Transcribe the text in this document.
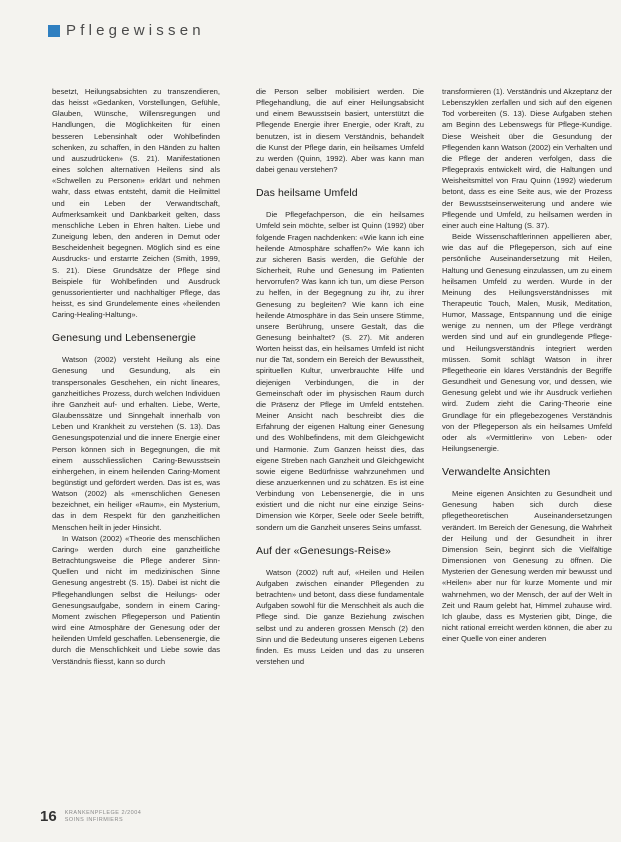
Pflegewissen

besetzt, Heilungsabsichten zu transzendieren, das heisst «Gedanken, Vorstellungen, Gefühle, Glauben, Wünsche, Willensregungen und Handlungen, die Möglichkeiten für einen besseren Lebensinhalt oder Wohlbefinden schenken, zu schaffen, in den Händen zu halten und auszudrücken» (S. 21). Manifestationen eines solchen alternativen Heilens sind als «Schwellen zu Personen» erklärt und nehmen wahr, dass etwas entsteht, damit die Heilmittel und ein Leben der Verwandtschaft, Aufmerksamkeit und Dankbarkeit gelten, dass menschliche Leben in Ehren halten. Liebe und Zuneigung leben, den anderen in Demut oder Bescheidenheit begegnen. Möglich sind es eine Ausdrucks- und erstarrte Zeichen (Smith, 1999, S. 21). Diese Grundsätze der Pflege sind Beispiele für Wohlbefinden und Ausdruck genussorientierter und nachhaltiger Pflege, das heisst, es sind Grundelemente eines «heilenden Caring-Healing-Haltung».

Genesung und Lebensenergie

Watson (2002) versteht Heilung als eine Genesung und Gesundung, als ein transpersonales Geschehen, ein nicht lineares, ganzheitliches Prozess, durch welchen Individuen ihre Ganzheit auf- und erhalten. Liebe, Werte, Glaubenssätze und Sinngehalt innerhalb von Leben und Krankheit zu verstehen (S. 13). Das Genesungspotenzial und die innere Energie einer Person können sich in Begegnungen, die mit einem ausschliesslichen Caring-Bewusstsein einhergehen, in einem heilenden Caring-Moment begünstigt und gefördert werden. Das ist es, was Watson (2002) als «menschlichen Genesen bezeichnet, ein heiliger «Raum», ein Mysterium, das in dem Respekt für den ganzheitlichen Menschen heilt in jeder Hinsicht.

In Watson (2002) «Theorie des menschlichen Caring» werden durch eine ganzheitliche Betrachtungsweise die Pflege anderer Sinn-Quellen und nicht im medizinischen Sinne Genesung angestrebt (S. 15). Dabei ist nicht die Pflegehandlungen selbst die Heilungs- oder Genesungsaufgabe, sondern in einem Caring-Moment zwischen Pflegeperson und Patientin wird eine Atmosphäre der Genesung oder der heilenden Umfeld geschaffen. Lebensenergie, die durch die Menschlichkeit und Liebe sowie das Verständnis fliesst, kann so durch

die Person selber mobilisiert werden. Die Pflegehandlung, die auf einer Heilungsabsicht und einem Bewusstsein basiert, unterstützt die Pflegende Energie ihrer Energie, oder Kraft, zu benutzen, ist in diesem Verständnis, behandelt die Kunst der Pflege darin, ein heilsames Umfeld zu werden (Quinn, 1992). Aber was kann man dabei genau verstehen?

Das heilsame Umfeld

Die Pflegefachperson, die ein heilsames Umfeld sein möchte, selber ist Quinn (1992) über folgende Fragen nachdenken: «Wie kann ich eine heilende Atmosphäre schaffen?» Wie kann ich zur sicheren Basis werden, die Gefühle der Sicherheit, Ruhe und Genesung im Patienten hervorrufen? Was kann ich tun, um diese Person zu helfen, in der Begegnung zu ihr, zu ihrer Genesung zu begleiten? Wie kann ich eine heilende Atmosphäre in das Sein unsere Stimme, unsere Berührung, unsere Gestalt, das die Genesung beinhaltet? (S. 27). Mit anderen Worten heisst das, ein heilsames Umfeld ist nicht nur die Tat, sondern ein Bereich der Bewusstheit, spirituellen Kultur, unverbrauchte Hilfe und diejenigen Verbindungen, die in der Gemeinschaft oder im physischen Raum durch die Präsenz der Pflege im Umfeld entstehen. Meiner Ansicht nach beschreibt dies die Erfahrung der eigenen Haltung einer Genesung und des Wohlbefindens, mit dem Gleichgewicht und Harmonie. Zum Ganzen heisst dies, das eigene Streben nach Ganzheit und Gleichgewicht sowie eigene Bedürfnisse wahrzunehmen und diese anzuerkennen und zu schätzen. Es ist eine Verbindung von Lebensenergie, die in uns existiert und die nicht nur eine einzige Seins-Dimension wie Körper, Seele oder Seele betrifft, sondern um die Ganzheit unseres Seins umfasst.

Auf der «Genesungs-Reise»

Watson (2002) ruft auf, «Heilen und Heilen Aufgaben zwischen einander Pflegenden zu betrachten» und betont, dass diese fundamentale Aufgaben sowohl für die Menschheit als auch die Pflege sind. Die ganze Beziehung zwischen selbst und zu anderen grossen Mensch (2) den Sinn und die Bedeutung unseres eigenen Lebens finden. Es muss Leiden und das zu unseren verstehen und

transformieren (1). Verständnis und Akzeptanz der Lebenszyklen zerfallen und sich auf den eigenen Tod vorbereiten (S. 13). Diese Aufgaben stehen am Beginn des Lebenswegs für Pflege-Kundige. Diese Weisheit über die Gesundung der Pflegenden kann Watson (2002) ein Verhalten und die Pflege der anderen verfolgen, dass die Pflegepraxis entwickelt wird, die Haltungen und Weisheitsmittel von Frau Quinn (1992) wiederum betont, dass es eine Seite aus, wie der Prozess der Bewusstseinserweiterung und andere wie Pflegende und Umfeld, zu heilsamen werden in einer auch eine Haltung (S. 37).

Beide Wissenschaftlerinnen appellieren aber, wie das auf die Pflegeperson, sich auf eine persönliche Auseinandersetzung mit Heilen, Haltung und Genesung einzulassen, um zu einem heilsamen Umfeld zu werden. Wurde in der Meinung des Heilungsverständnisses mit Therapeutic Touch, Malen, Musik, Meditation, Humor, Massage, Entspannung und die einige wenige zu nennen, um der Pflege verdrängt werden sind und auf ein grundlegende Pflege- und Heilungsverständnis integriert werden müssen. Somit schlägt Watson in ihrer Pflegetheorie ein klares Verständnis der Begriffe Gesundheit und Genesung vor, und dessen, wie Genesung gelebt und wie ihr Ausdruck verliehen wird. Zudem zieht die Caring-Theorie eine Grundlage für ein pflegebezogenes Verständnis von der Pflegeperson als ein heilsames Umfeld oder als «Vermittlerin» von Leben- oder Heilungsenergie.

Verwandelte Ansichten

Meine eigenen Ansichten zu Gesundheit und Genesung haben sich durch diese pflegetheoretischen Auseinandersetzungen verändert. Im Bereich der Genesung, die Wahrheit der Heilung und der Gesundheit in ihrer Dimension Sein, beginnt sich die Vielfältige Dimensionen von Genesung zu öffnen. Die Mysterien der Genesung werden mir bewusst und «Heilen» aber nur für kurze Momente und mir wahrnehmen, wo der Mensch, der auf der Welt in Zeit und Raum gelebt hat, Himmel zuhause wird. Ich glaube, dass es Mysterien gibt, Dinge, die nicht rational erreicht werden können, die aber zu einer Quelle von einer anderen

16 KRANKENPFLEGE 2/2004
SOINS INFIRMIERS
